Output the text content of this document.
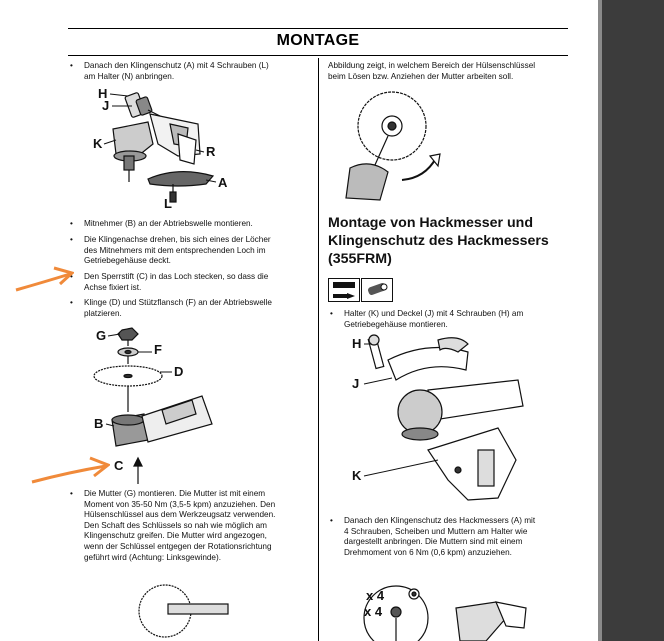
MONTAGE
• Danach den Klingenschutz (A) mit 4 Schrauben (L)
am Halter (N) anbringen.
H
J
K
R
A
L
• Mitnehmer (B) an der Abtriebswelle montieren.
• Die Klingenachse drehen, bis sich eines der Löcher
des Mitnehmers mit dem entsprechenden Loch im
Getriebegehäuse deckt.
• Den Sperrstift (C) in das Loch stecken, so dass die
Achse fixiert ist.
• Klinge (D) und Stützflansch (F) an der Abtriebswelle
platzieren.
G
F
D
B
C
• Die Mutter (G) montieren. Die Mutter ist mit einem
Moment von 35-50 Nm (3,5-5 kpm) anzuziehen. Den
Hülsenschlüssel aus dem Werkzeugsatz verwenden.
Den Schaft des Schlüssels so nah wie möglich am
Klingenschutz greifen. Die Mutter wird angezogen,
wenn der Schlüssel entgegen der Rotationsrichtung
geführt wird (Achtung: Linksgewinde).
Abbildung zeigt, in welchem Bereich der Hülsenschlüssel
beim Lösen bzw. Anziehen der Mutter arbeiten soll.
Montage von Hackmesser und
Klingenschutz des Hackmessers
(355FRM)
• Halter (K) und Deckel (J) mit 4 Schrauben (H) am
Getriebegehäuse montieren.
H
J
K
• Danach den Klingenschutz des Hackmessers (A) mit
4 Schrauben, Scheiben und Muttern am Halter wie
dargestellt anbringen. Die Muttern sind mit einem
Drehmoment von 6 Nm (0,6 kpm) anzuziehen.
x 4
x 4
